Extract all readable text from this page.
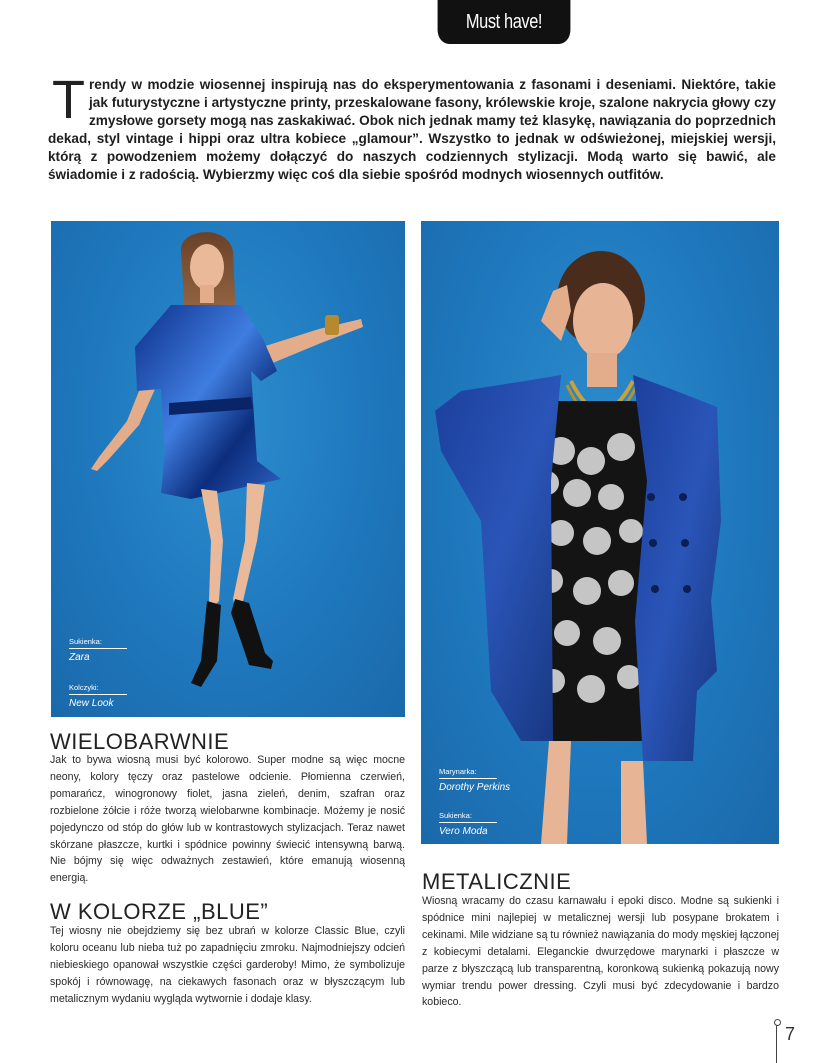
Must have!

Trendy w modzie wiosennej inspirują nas do eksperymentowania z fasonami i deseniami. Niektóre, takie jak futurystyczne i artystyczne printy, przeskalowane fasony, królewskie kroje, szalone nakrycia głowy czy zmysłowe gorsety mogą nas zaskakiwać. Obok nich jednak mamy też klasykę, nawiązania do poprzednich dekad, styl vintage i hippi oraz ultra kobiece „glamour”. Wszystko to jednak w odświeżonej, miejskiej wersji, którą z powodzeniem możemy dołączyć do naszych codziennych stylizacji. Modą warto się bawić, ale świadomie i z radością. Wybierzmy więc coś dla siebie spośród modnych wiosennych outfitów.

Sukienka:
Zara
Kolczyki:
New Look
Marynarka:
Dorothy Perkins
Sukienka:
Vero Moda
WIELOBARWNIE

Jak to bywa wiosną musi być kolorowo. Super modne są więc mocne neony, kolory tęczy oraz pastelowe odcienie. Płomienna czerwień, pomarańcz, winogronowy fiolet, jasna zieleń, denim, szafran oraz rozbielone żółcie i róże tworzą wielobarwne kombinacje. Możemy je nosić pojedynczo od stóp do głów lub w kontrastowych stylizacjach. Teraz nawet skórzane płaszcze, kurtki i spódnice powinny świecić intensywną barwą. Nie bójmy się więc odważnych zestawień, które emanują wiosenną energią.

W KOLORZE „BLUE”

Tej wiosny nie obejdziemy się bez ubrań w kolorze Classic Blue, czyli koloru oceanu lub nieba tuż po zapadnięciu zmroku. Najmodniejszy odcień niebieskiego opanował wszystkie części garderoby! Mimo, że symbolizuje spokój i równowagę, na ciekawych fasonach oraz w błyszczącym lub metalicznym wydaniu wygląda wytwornie i dodaje klasy.

METALICZNIE

Wiosną wracamy do czasu karnawału i epoki disco. Modne są sukienki i spódnice mini najlepiej w metalicznej wersji lub posypane brokatem i cekinami. Mile widziane są tu również nawiązania do mody męskiej łączonej z kobiecymi detalami. Eleganckie dwurzędowe marynarki i płaszcze w parze z błyszczącą lub transparentną, koronkową sukienką pokazują nowy wymiar trendu power dressing. Czyli musi być zdecydowanie i bardzo kobieco.

7
